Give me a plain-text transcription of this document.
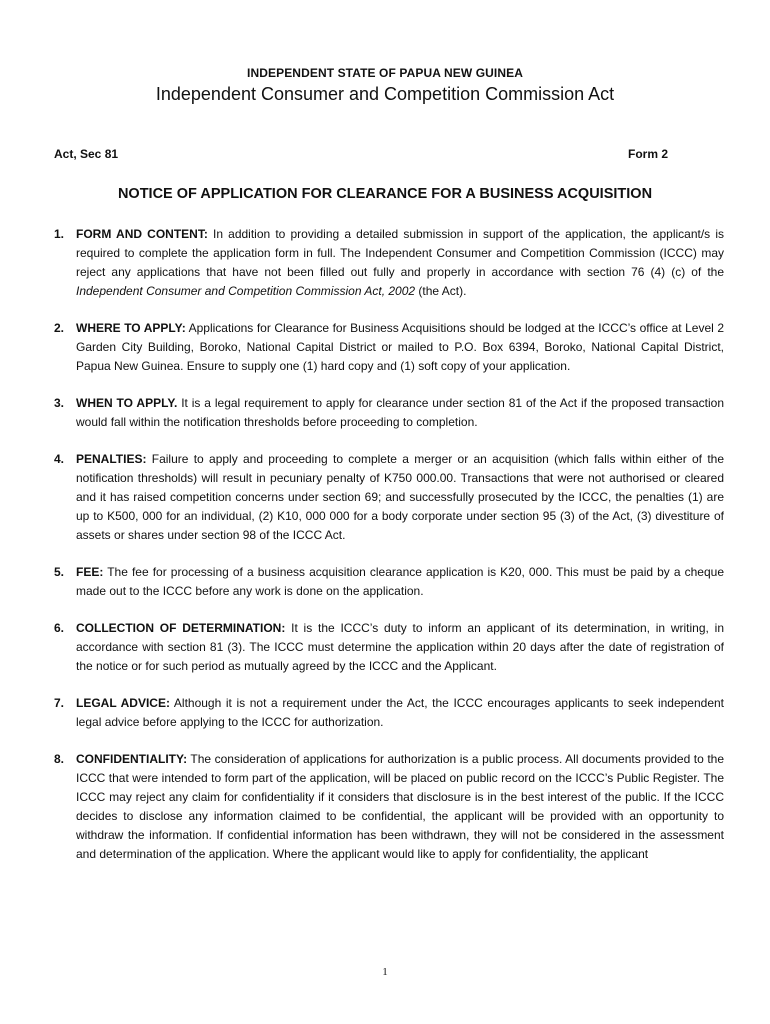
INDEPENDENT STATE OF PAPUA NEW GUINEA
Independent Consumer and Competition Commission Act
Act, Sec 81	Form 2
NOTICE OF APPLICATION FOR CLEARANCE FOR A BUSINESS ACQUISITION
1. FORM AND CONTENT: In addition to providing a detailed submission in support of the application, the applicant/s is required to complete the application form in full. The Independent Consumer and Competition Commission (ICCC) may reject any applications that have not been filled out fully and properly in accordance with section 76 (4) (c) of the Independent Consumer and Competition Commission Act, 2002 (the Act).
2. WHERE TO APPLY: Applications for Clearance for Business Acquisitions should be lodged at the ICCC’s office at Level 2 Garden City Building, Boroko, National Capital District or mailed to P.O. Box 6394, Boroko, National Capital District, Papua New Guinea. Ensure to supply one (1) hard copy and (1) soft copy of your application.
3. WHEN TO APPLY. It is a legal requirement to apply for clearance under section 81 of the Act if the proposed transaction would fall within the notification thresholds before proceeding to completion.
4. PENALTIES: Failure to apply and proceeding to complete a merger or an acquisition (which falls within either of the notification thresholds) will result in pecuniary penalty of K750 000.00. Transactions that were not authorised or cleared and it has raised competition concerns under section 69; and successfully prosecuted by the ICCC, the penalties (1) are up to K500, 000 for an individual, (2) K10, 000 000 for a body corporate under section 95 (3) of the Act, (3) divestiture of assets or shares under section 98 of the ICCC Act.
5. FEE: The fee for processing of a business acquisition clearance application is K20, 000. This must be paid by a cheque made out to the ICCC before any work is done on the application.
6. COLLECTION OF DETERMINATION: It is the ICCC’s duty to inform an applicant of its determination, in writing, in accordance with section 81 (3). The ICCC must determine the application within 20 days after the date of registration of the notice or for such period as mutually agreed by the ICCC and the Applicant.
7. LEGAL ADVICE: Although it is not a requirement under the Act, the ICCC encourages applicants to seek independent legal advice before applying to the ICCC for authorization.
8. CONFIDENTIALITY: The consideration of applications for authorization is a public process. All documents provided to the ICCC that were intended to form part of the application, will be placed on public record on the ICCC’s Public Register. The ICCC may reject any claim for confidentiality if it considers that disclosure is in the best interest of the public. If the ICCC decides to disclose any information claimed to be confidential, the applicant will be provided with an opportunity to withdraw the information. If confidential information has been withdrawn, they will not be considered in the assessment and determination of the application. Where the applicant would like to apply for confidentiality, the applicant
1
